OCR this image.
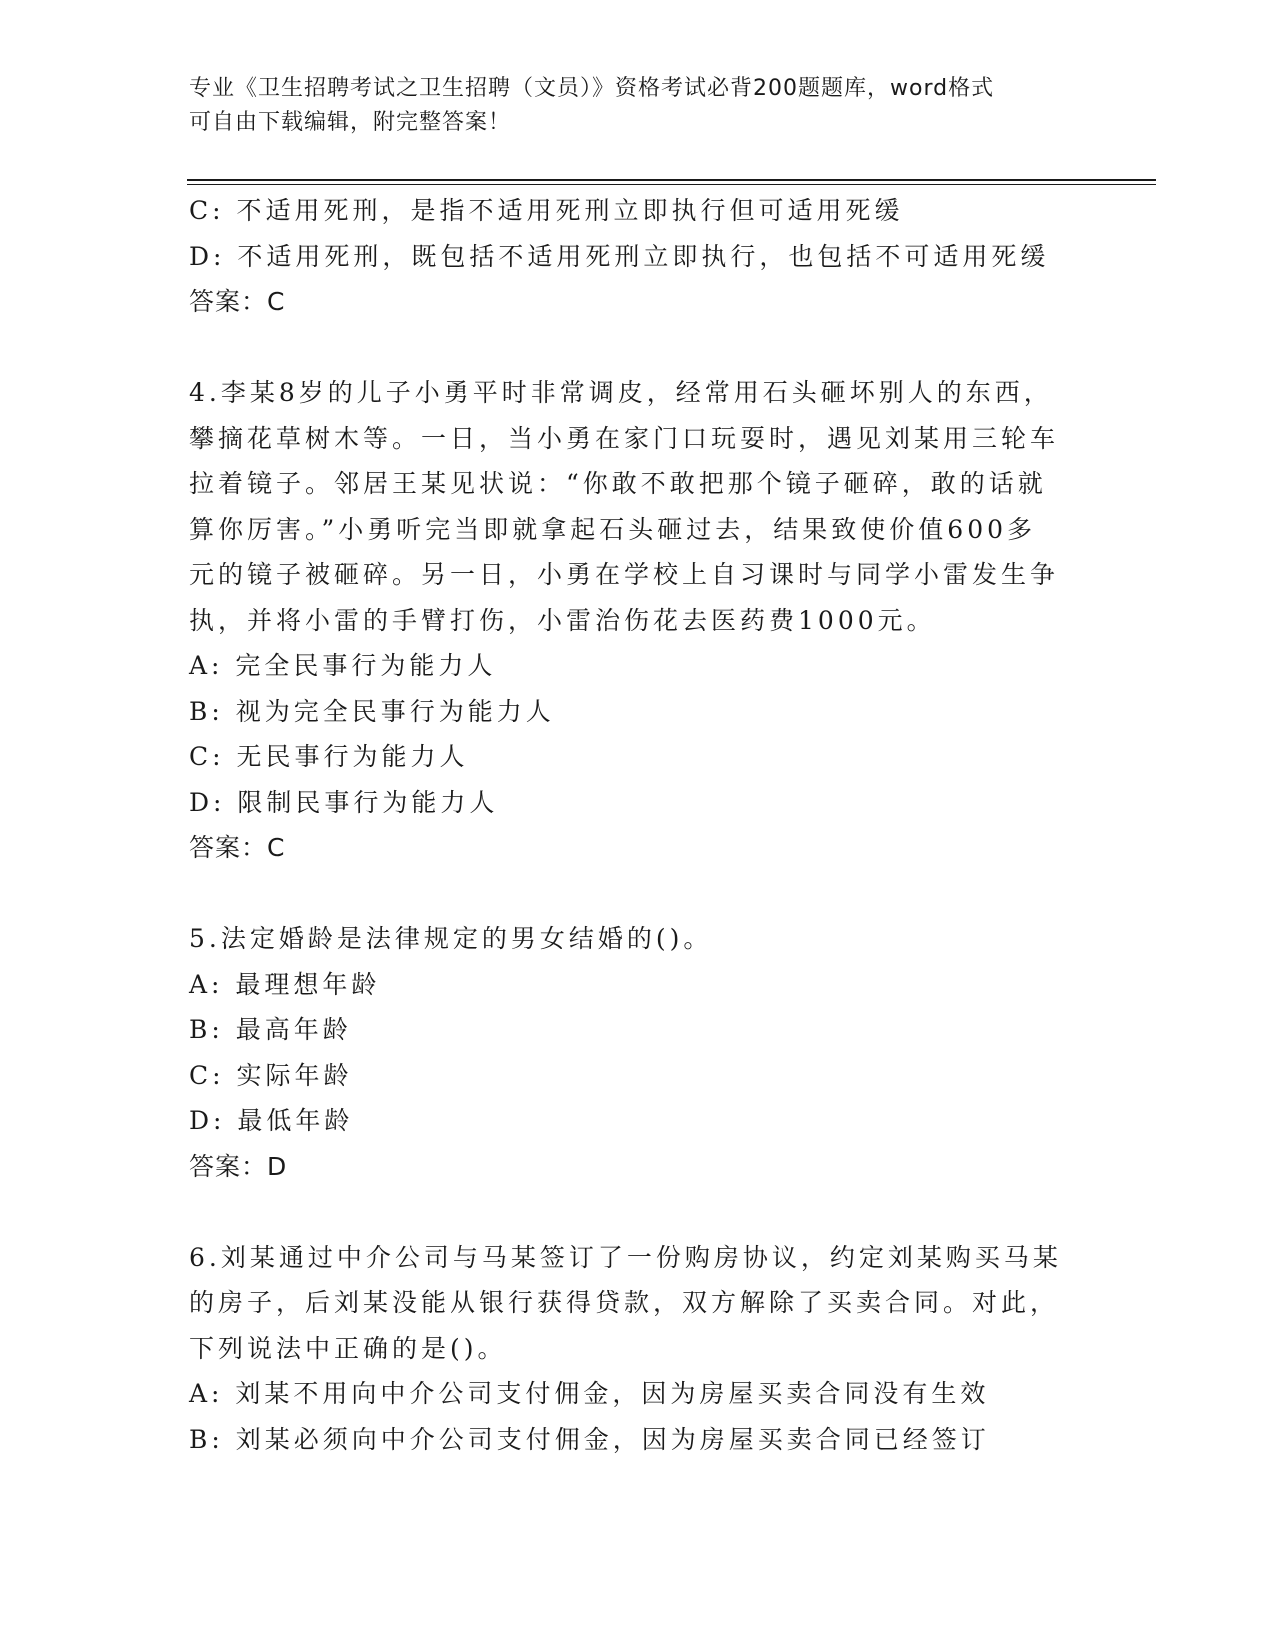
专业《卫生招聘考试之卫生招聘（文员）》资格考试必背200题题库，word格式
可自由下载编辑，附完整答案！
C: 不适用死刑，是指不适用死刑立即执行但可适用死缓
D: 不适用死刑，既包括不适用死刑立即执行，也包括不可适用死缓
答案：C
4.李某8岁的儿子小勇平时非常调皮，经常用石头砸坏别人的东西，
攀摘花草树木等。一日，当小勇在家门口玩耍时，遇见刘某用三轮车
拉着镜子。邻居王某见状说：“你敢不敢把那个镜子砸碎，敢的话就
算你厉害。”小勇听完当即就拿起石头砸过去，结果致使价值600多
元的镜子被砸碎。另一日，小勇在学校上自习课时与同学小雷发生争
执，并将小雷的手臂打伤，小雷治伤花去医药费1000元。
A: 完全民事行为能力人
B: 视为完全民事行为能力人
C: 无民事行为能力人
D: 限制民事行为能力人
答案：C
5.法定婚龄是法律规定的男女结婚的()。
A: 最理想年龄
B: 最高年龄
C: 实际年龄
D: 最低年龄
答案：D
6.刘某通过中介公司与马某签订了一份购房协议，约定刘某购买马某
的房子，后刘某没能从银行获得贷款，双方解除了买卖合同。对此，
下列说法中正确的是()。
A: 刘某不用向中介公司支付佣金，因为房屋买卖合同没有生效
B: 刘某必须向中介公司支付佣金，因为房屋买卖合同已经签订
